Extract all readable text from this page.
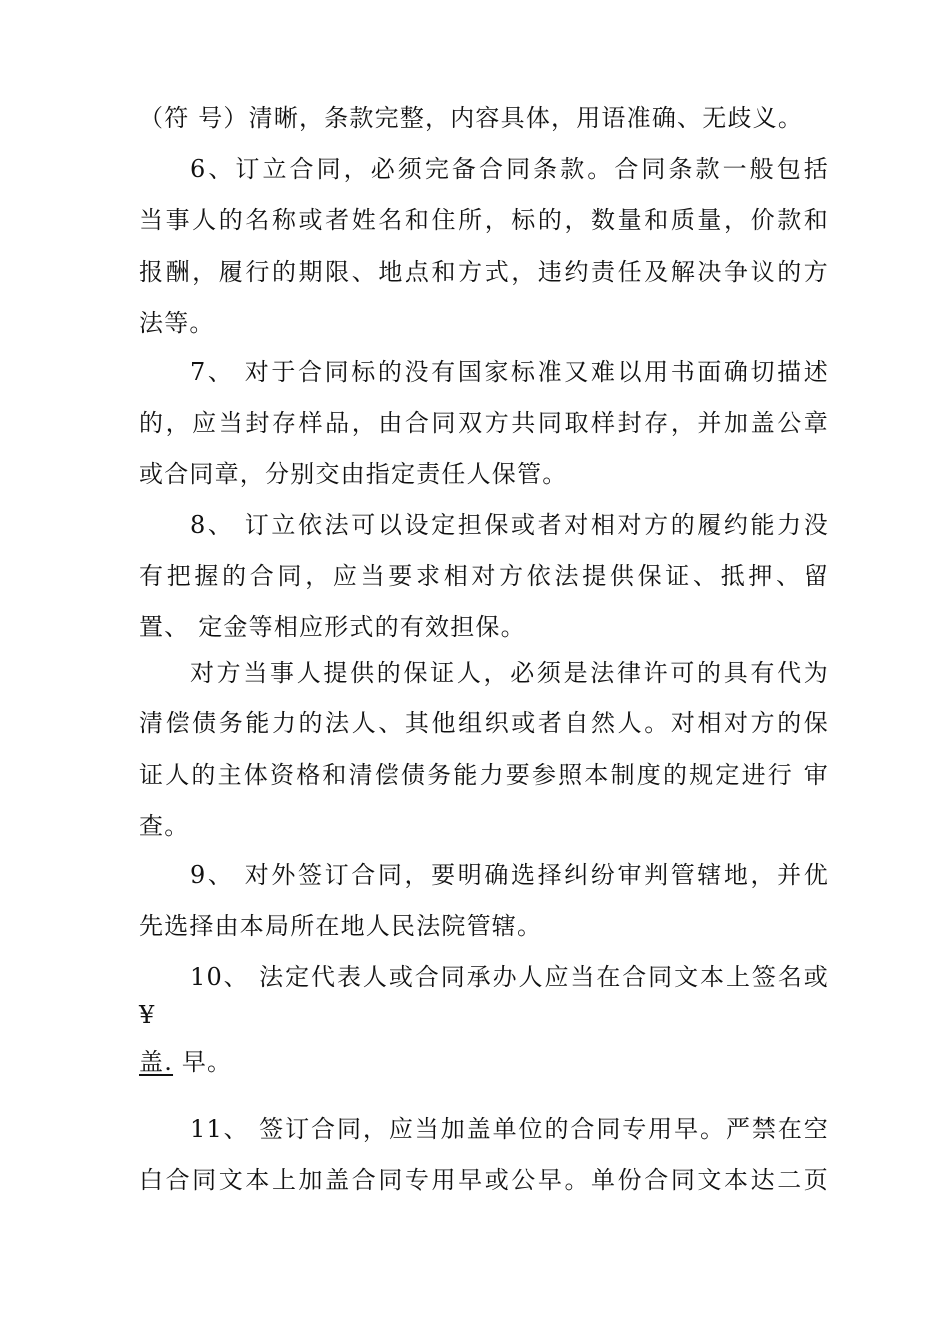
（符 号）清晰，条款完整，内容具体，用语准确、无歧义。
6、订立合同，必须完备合同条款。合同条款一般包括
当事人的名称或者姓名和住所，标的，数量和质量，价款和
报酬，履行的期限、地点和方式，违约责任及解决争议的方
法等。
7、 对于合同标的没有国家标准又难以用书面确切描述
的，应当封存样品，由合同双方共同取样封存，并加盖公章
或合同章，分别交由指定责任人保管。
8、 订立依法可以设定担保或者对相对方的履约能力没
有把握的合同，应当要求相对方依法提供保证、抵押、留
置、 定金等相应形式的有效担保。
对方当事人提供的保证人，必须是法律许可的具有代为
清偿债务能力的法人、其他组织或者自然人。对相对方的保
证人的主体资格和清偿债务能力要参照本制度的规定进行 审
查。
9、 对外签订合同，要明确选择纠纷审判管辖地，并优
先选择由本局所在地人民法院管辖。
10、 法定代表人或合同承办人应当在合同文本上签名或
¥
盖. 早。
11、 签订合同，应当加盖单位的合同专用早。严禁在空
白合同文本上加盖合同专用早或公早。单份合同文本达二页
